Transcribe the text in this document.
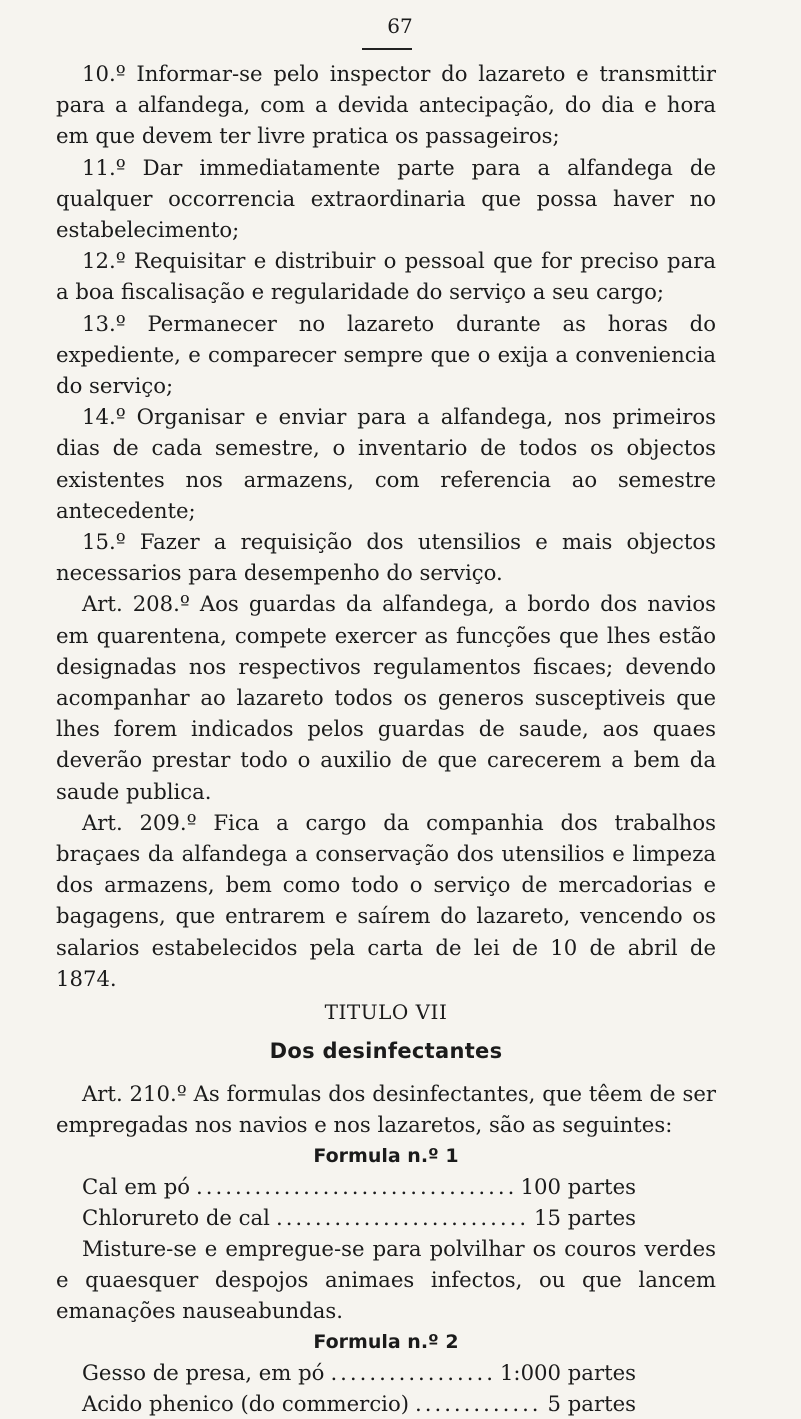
67

10.º Informar-se pelo inspector do lazareto e transmittir para a alfandega, com a devida antecipação, do dia e hora em que devem ter livre pratica os passageiros;

11.º Dar immediatamente parte para a alfandega de qualquer occorrencia extraordinaria que possa haver no estabelecimento;

12.º Requisitar e distribuir o pessoal que for preciso para a boa fiscalisação e regularidade do serviço a seu cargo;

13.º Permanecer no lazareto durante as horas do expediente, e comparecer sempre que o exija a conveniencia do serviço;

14.º Organisar e enviar para a alfandega, nos primeiros dias de cada semestre, o inventario de todos os objectos existentes nos armazens, com referencia ao semestre antecedente;

15.º Fazer a requisição dos utensilios e mais objectos necessarios para desempenho do serviço.

Art. 208.º Aos guardas da alfandega, a bordo dos navios em quarentena, compete exercer as funcções que lhes estão designadas nos respectivos regulamentos fiscaes; devendo acompanhar ao lazareto todos os generos susceptiveis que lhes forem indicados pelos guardas de saude, aos quaes deverão prestar todo o auxilio de que carecerem a bem da saude publica.

Art. 209.º Fica a cargo da companhia dos trabalhos braçaes da alfandega a conservação dos utensilios e limpeza dos armazens, bem como todo o serviço de mercadorias e bagagens, que entrarem e saírem do lazareto, vencendo os salarios estabelecidos pela carta de lei de 10 de abril de 1874.

TITULO VII

Dos desinfectantes

Art. 210.º As formulas dos desinfectantes, que têem de ser empregadas nos navios e nos lazaretos, são as seguintes:

Formula n.º 1

Cal em pó .....	100 partes
Chlorureto de cal .....	15 partes

Misture-se e empregue-se para polvilhar os couros verdes e quaesquer despojos animaes infectos, ou que lancem emanações nauseabundas.

Formula n.º 2

Gesso de presa, em pó .....	1:000 partes
Acido phenico (do commercio) .....	5 partes
